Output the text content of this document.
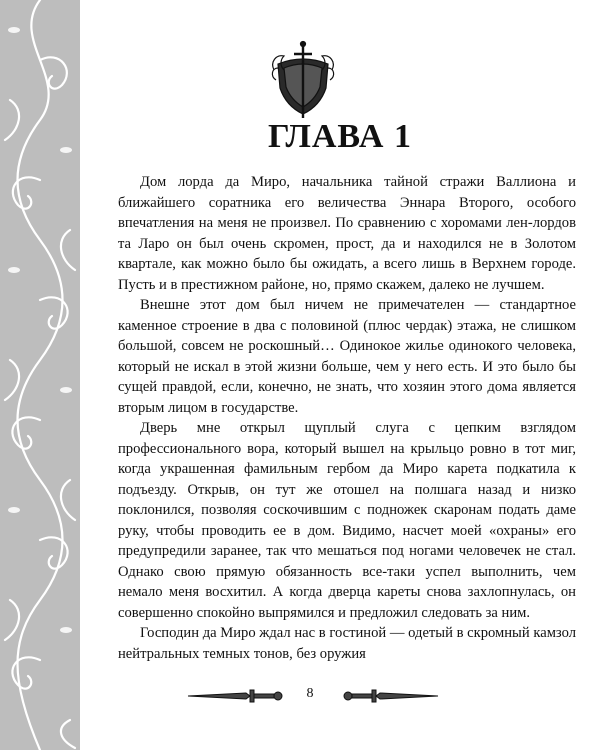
ГЛАВА 1

Дом лорда да Миро, начальника тайной стражи Валлиона и ближайшего соратника его величества Эннара Второго, особого впечатления на меня не произвел. По сравнению с хоромами лен-лордов та Ларо он был очень скромен, прост, да и находился не в Золотом квартале, как можно было бы ожидать, а всего лишь в Верхнем городе. Пусть и в престижном районе, но, прямо скажем, далеко не лучшем.

Внешне этот дом был ничем не примечателен — стандартное каменное строение в два с половиной (плюс чердак) этажа, не слишком большой, совсем не роскошный… Одинокое жилье одинокого человека, который не искал в этой жизни больше, чем у него есть. И это было бы сущей правдой, если, конечно, не знать, что хозяин этого дома является вторым лицом в государстве.

Дверь мне открыл щуплый слуга с цепким взглядом профессионального вора, который вышел на крыльцо ровно в тот миг, когда украшенная фамильным гербом да Миро карета подкатила к подъезду. Открыв, он тут же отошел на полшага назад и низко поклонился, позволяя соскочившим с подножек скаронам подать даме руку, чтобы проводить ее в дом. Видимо, насчет моей «охраны» его предупредили заранее, так что мешаться под ногами человечек не стал. Однако свою прямую обязанность все-таки успел выполнить, чем немало меня восхитил. А когда дверца кареты снова захлопнулась, он совершенно спокойно выпрямился и предложил следовать за ним.

Господин да Миро ждал нас в гостиной — одетый в скромный камзол нейтральных темных тонов, без оружия

8
